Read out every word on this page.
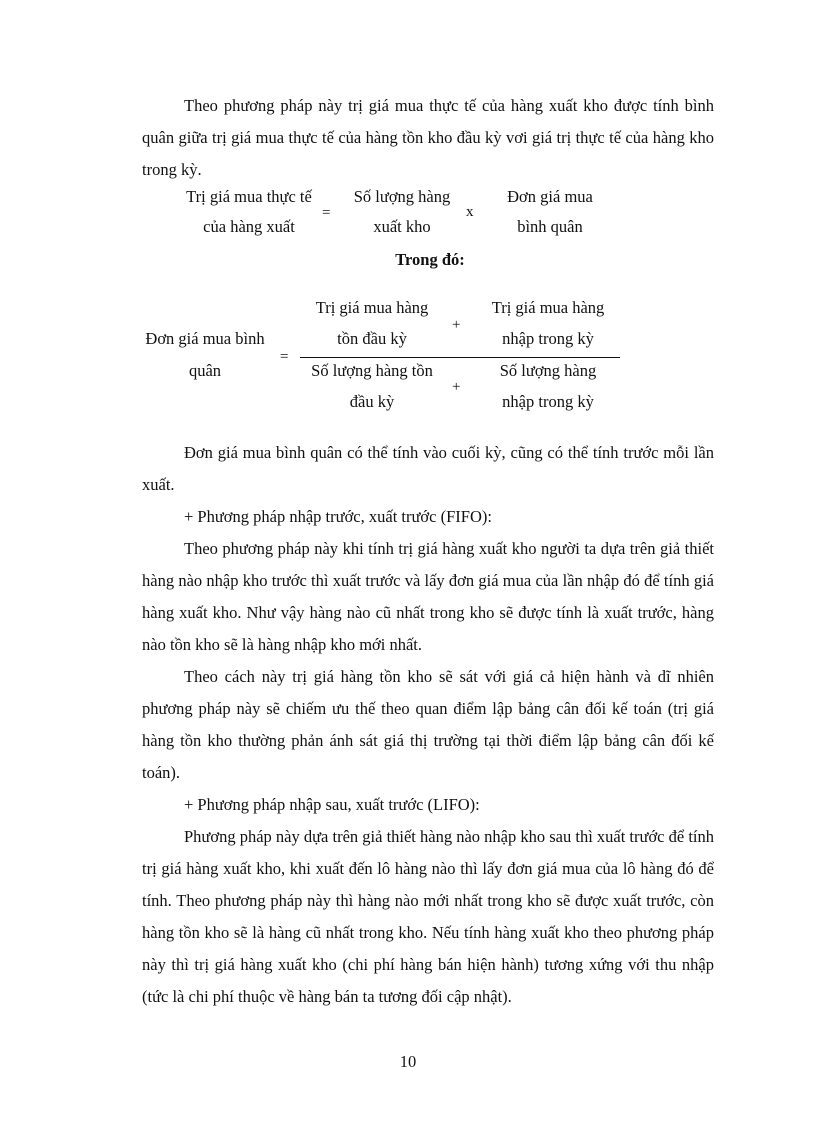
Theo phương pháp này trị giá mua thực tế của hàng xuất kho được tính bình quân giữa trị giá mua thực tế của hàng tồn kho đầu kỳ vơi giá trị thực tế của hàng kho trong kỳ.

Trị giá mua thực tế
của hàng xuất
=
Số lượng hàng
xuất kho
x
Đơn giá mua
bình quân
Trong đó:
Đơn giá mua bình
quân
=
Trị giá mua hàng
tồn đầu kỳ
+
Trị giá mua hàng
nhập trong kỳ
Số lượng hàng tồn
đầu kỳ
+
Số lượng hàng
nhập trong kỳ

Đơn giá mua bình quân có thể tính vào cuối kỳ, cũng có thể tính trước mỗi lần xuất.

+ Phương pháp nhập trước, xuất trước (FIFO):

Theo phương pháp này khi tính trị giá hàng xuất kho người ta dựa trên giả thiết hàng nào nhập kho trước thì xuất trước và lấy đơn giá mua của lần nhập đó để tính giá hàng xuất kho. Như vậy hàng nào cũ nhất trong kho sẽ được tính là xuất trước, hàng nào tồn kho sẽ là hàng nhập kho mới nhất.

Theo cách này trị giá hàng tồn kho sẽ sát với giá cả hiện hành và dĩ nhiên phương pháp này sẽ chiếm ưu thế theo quan điểm lập bảng cân đối kế toán (trị giá hàng tồn kho thường phản ánh sát giá thị trường tại thời điểm lập bảng cân đối kế toán).

+ Phương pháp nhập sau, xuất trước (LIFO):

Phương pháp này dựa trên giả thiết hàng nào nhập kho sau thì xuất trước để tính trị giá hàng xuất kho, khi xuất đến lô hàng nào thì lấy đơn giá mua của lô hàng đó để tính. Theo phương pháp này thì hàng nào mới nhất trong kho sẽ được xuất trước, còn hàng tồn kho sẽ là hàng cũ nhất trong kho. Nếu tính hàng xuất kho theo phương pháp này thì trị giá hàng xuất kho (chi phí hàng bán hiện hành) tương xứng với thu nhập (tức là chi phí thuộc về hàng bán ta tương đối cập nhật).

10
